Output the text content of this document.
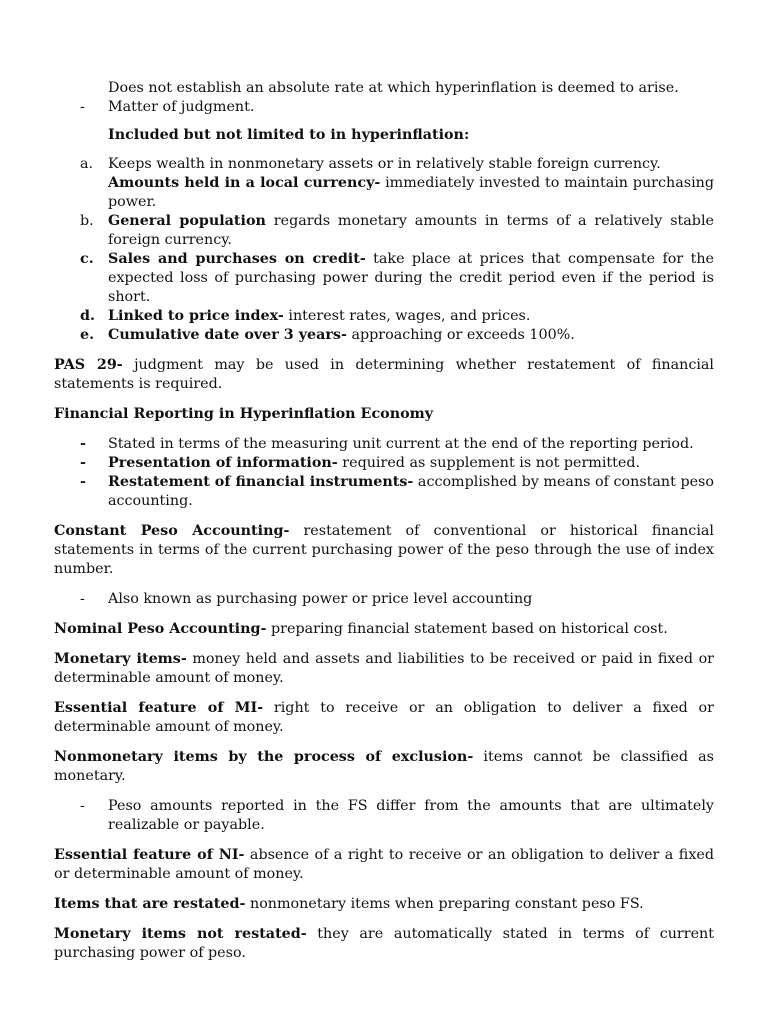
Does not establish an absolute rate at which hyperinflation is deemed to arise.

-	Matter of judgment.

Included but not limited to in hyperinflation:

a.	Keeps wealth in nonmonetary assets or in relatively stable foreign currency.
Amounts held in a local currency- immediately invested to maintain purchasing power.
b. General population regards monetary amounts in terms of a relatively stable foreign currency.
c.	Sales and purchases on credit- take place at prices that compensate for the expected loss of purchasing power during the credit period even if the period is short.
d. Linked to price index- interest rates, wages, and prices.
e. Cumulative date over 3 years- approaching or exceeds 100%.

PAS 29- judgment may be used in determining whether restatement of financial statements is required.

Financial Reporting in Hyperinflation Economy

-	Stated in terms of the measuring unit current at the end of the reporting period.
-	Presentation of information- required as supplement is not permitted.
-	Restatement of financial instruments- accomplished by means of constant peso accounting.

Constant Peso Accounting- restatement of conventional or historical financial statements in terms of the current purchasing power of the peso through the use of index number.

-	Also known as purchasing power or price level accounting

Nominal Peso Accounting- preparing financial statement based on historical cost.

Monetary items- money held and assets and liabilities to be received or paid in fixed or determinable amount of money.

Essential feature of MI- right to receive or an obligation to deliver a fixed or determinable amount of money.

Nonmonetary items by the process of exclusion- items cannot be classified as monetary.

-	Peso amounts reported in the FS differ from the amounts that are ultimately realizable or payable.

Essential feature of NI- absence of a right to receive or an obligation to deliver a fixed or determinable amount of money.

Items that are restated- nonmonetary items when preparing constant peso FS.

Monetary items not restated- they are automatically stated in terms of current purchasing power of peso.
